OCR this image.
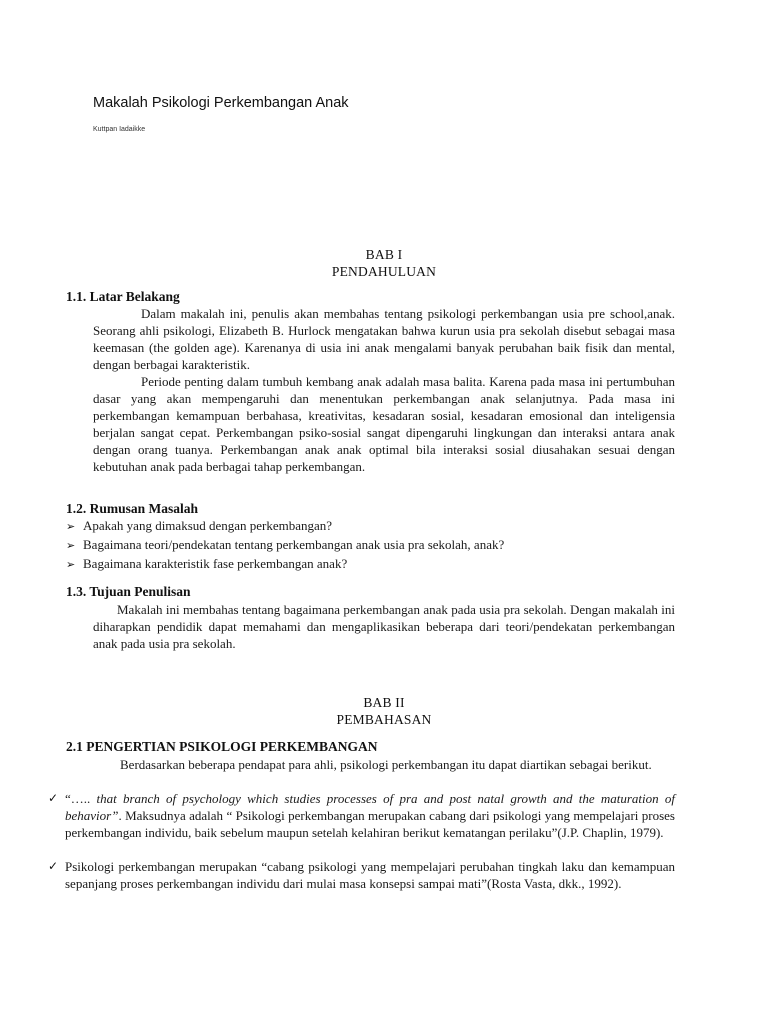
Makalah Psikologi Perkembangan Anak
Kuttpan Iadaikke
BAB I
PENDAHULUAN
1.1. Latar Belakang
Dalam makalah ini, penulis akan membahas tentang psikologi perkembangan usia pre school,anak. Seorang ahli psikologi, Elizabeth B. Hurlock mengatakan bahwa kurun usia pra sekolah disebut sebagai masa keemasan (the golden age). Karenanya di usia ini anak mengalami banyak perubahan baik fisik dan mental, dengan berbagai karakteristik.
Periode penting dalam tumbuh kembang anak adalah masa balita. Karena pada masa ini pertumbuhan dasar yang akan mempengaruhi dan menentukan perkembangan anak selanjutnya. Pada masa ini perkembangan kemampuan berbahasa, kreativitas, kesadaran sosial, kesadaran emosional dan inteligensia berjalan sangat cepat. Perkembangan psiko-sosial sangat dipengaruhi lingkungan dan interaksi antara anak dengan orang tuanya. Perkembangan anak anak optimal bila interaksi sosial diusahakan sesuai dengan kebutuhan anak pada berbagai tahap perkembangan.
1.2. Rumusan Masalah
➢ Apakah yang dimaksud dengan perkembangan?
➢ Bagaimana teori/pendekatan tentang perkembangan anak usia pra sekolah, anak?
➢ Bagaimana karakteristik fase perkembangan anak?
1.3. Tujuan Penulisan
Makalah ini membahas tentang bagaimana perkembangan anak pada usia pra sekolah. Dengan makalah ini diharapkan pendidik dapat memahami dan mengaplikasikan beberapa dari teori/pendekatan perkembangan anak pada usia pra sekolah.
BAB II
PEMBAHASAN
2.1 PENGERTIAN PSIKOLOGI PERKEMBANGAN
Berdasarkan beberapa pendapat para ahli, psikologi perkembangan itu dapat diartikan sebagai berikut.
✓ “….. that branch of psychology which studies processes of pra and post natal growth and the maturation of behavior”. Maksudnya adalah “ Psikologi perkembangan merupakan cabang dari psikologi yang mempelajari proses perkembangan individu, baik sebelum maupun setelah kelahiran berikut kematangan perilaku”(J.P. Chaplin, 1979).
✓ Psikologi perkembangan merupakan “cabang psikologi yang mempelajari perubahan tingkah laku dan kemampuan sepanjang proses perkembangan individu dari mulai masa konsepsi sampai mati”(Rosta Vasta, dkk., 1992).
